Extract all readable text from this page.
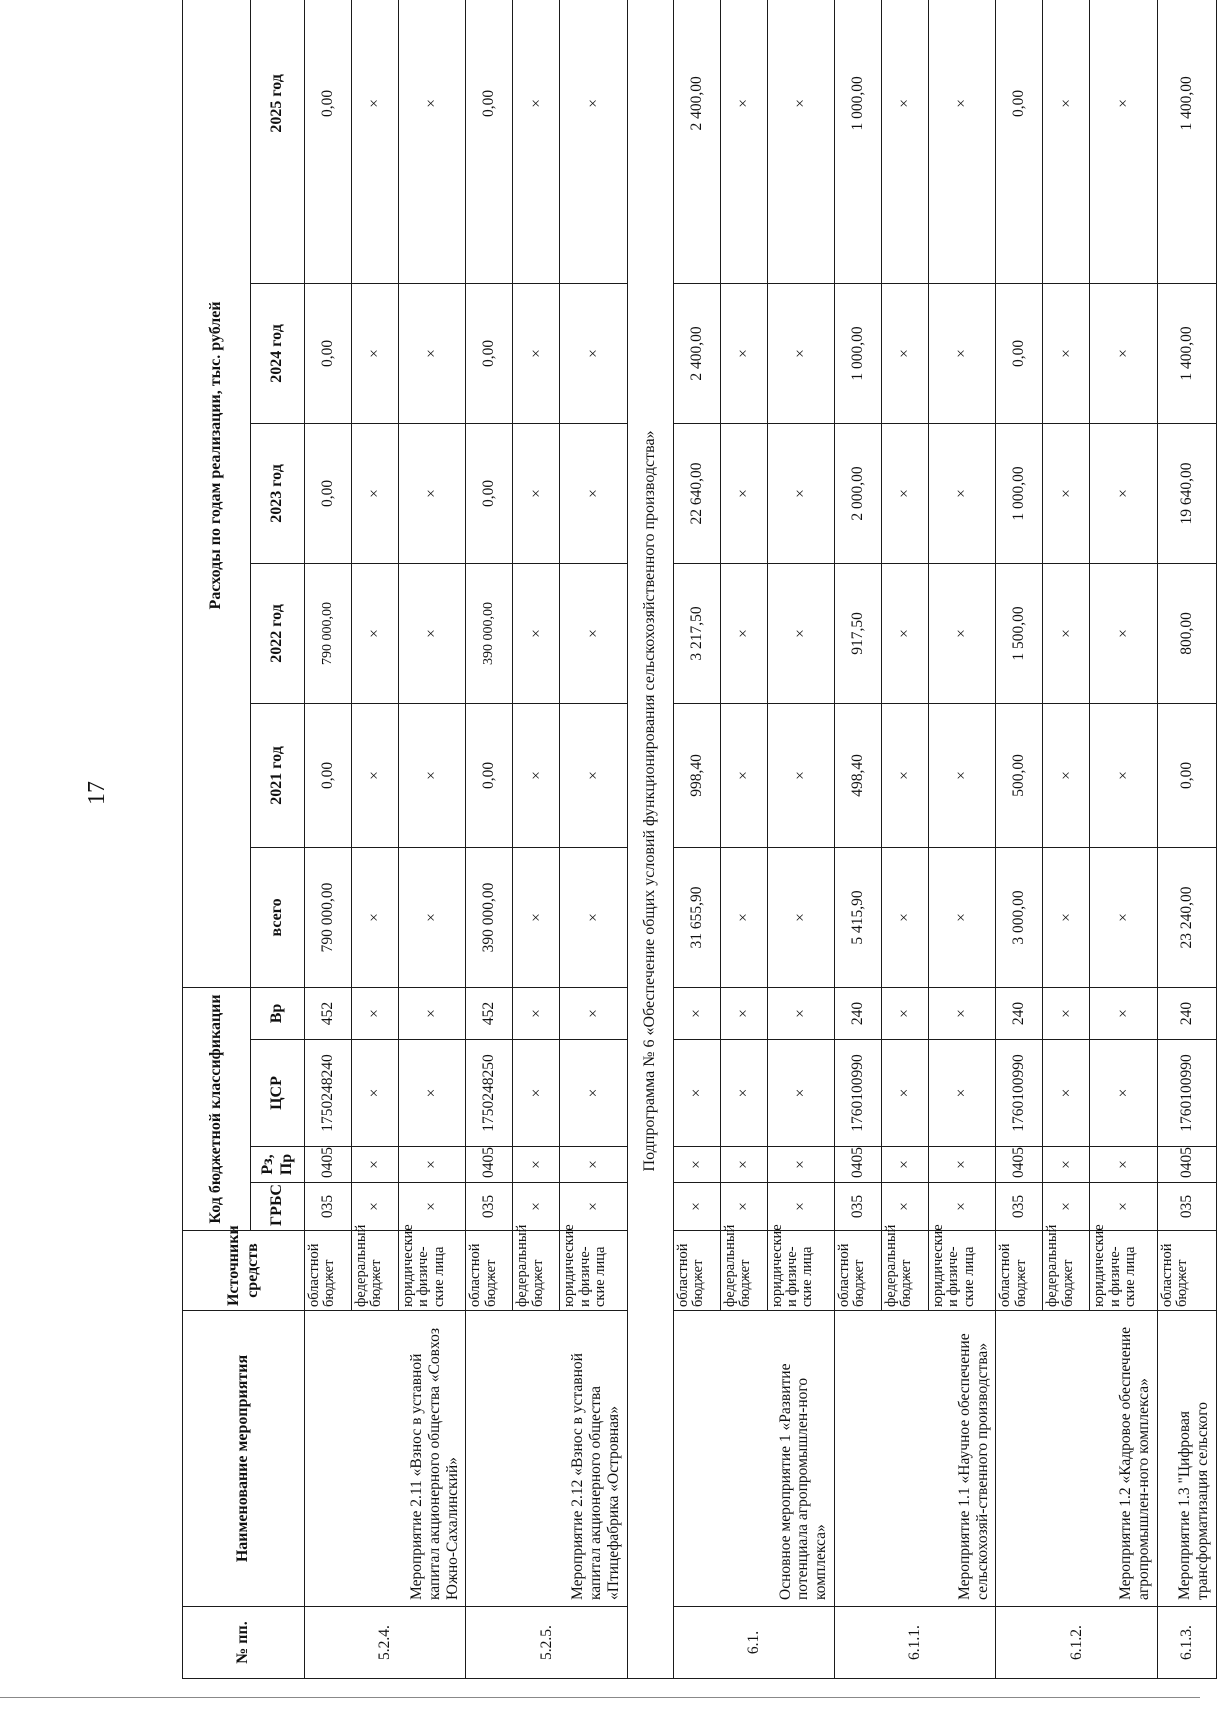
17
№ пп.	Наименование мероприятия	Источники средств	Код бюджетной классификации				Расходы по годам реализации, тыс. рублей					
			ГРБС	Рз, Пр	ЦСР	Вр	всего	2021 год	2022 год	2023 год	2024 год	2025 год
5.2.4.	Мероприятие 2.11 «Взнос в уставной капитал акционерного общества «Совхоз Южно-Сахалинский»	областной бюджет	035	0405	1750248240	452	790 000,00	0,00	790 000,00	0,00	0,00	0,00
		федеральный бюджет	×	×	×	×	×	×	×	×	×	×
		юридические и физиче-ские лица	×	×	×	×	×	×	×	×	×	×
5.2.5.	Мероприятие 2.12 «Взнос в уставной капитал акционерного общества «Птицефабрика «Островная»	областной бюджет	035	0405	1750248250	452	390 000,00	0,00	390 000,00	0,00	0,00	0,00
		федеральный бюджет	×	×	×	×	×	×	×	×	×	×
		юридические и физиче-ские лица	×	×	×	×	×	×	×	×	×	×
Подпрограмма № 6 «Обеспечение общих условий функционирования сельскохозяйственного производства»												
6.1.	Основное мероприятие 1 «Развитие потенциала агропромышлен-ного комплекса»	областной бюджет	×	×	×	×	31 655,90	998,40	3 217,50	22 640,00	2 400,00	2 400,00
		федеральный бюджет	×	×	×	×	×	×	×	×	×	×
		юридические и физиче-ские лица	×	×	×	×	×	×	×	×	×	×
6.1.1.	Мероприятие 1.1 «Научное обеспечение сельскохозяй-ственного производства»	областной бюджет	035	0405	1760100990	240	5 415,90	498,40	917,50	2 000,00	1 000,00	1 000,00
		федеральный бюджет	×	×	×	×	×	×	×	×	×	×
		юридические и физиче-ские лица	×	×	×	×	×	×	×	×	×	×
6.1.2.	Мероприятие 1.2 «Кадровое обеспечение агропромышлен-ного комплекса»	областной бюджет	035	0405	1760100990	240	3 000,00	500,00	1 500,00	1 000,00	0,00	0,00
		федеральный бюджет	×	×	×	×	×	×	×	×	×	×
		юридические и физиче-ские лица	×	×	×	×	×	×	×	×	×	×
6.1.3.	Мероприятие 1.3 "Цифровая трансформатизация сельского	областной бюджет	035	0405	1760100990	240	23 240,00	0,00	800,00	19 640,00	1 400,00	1 400,00
